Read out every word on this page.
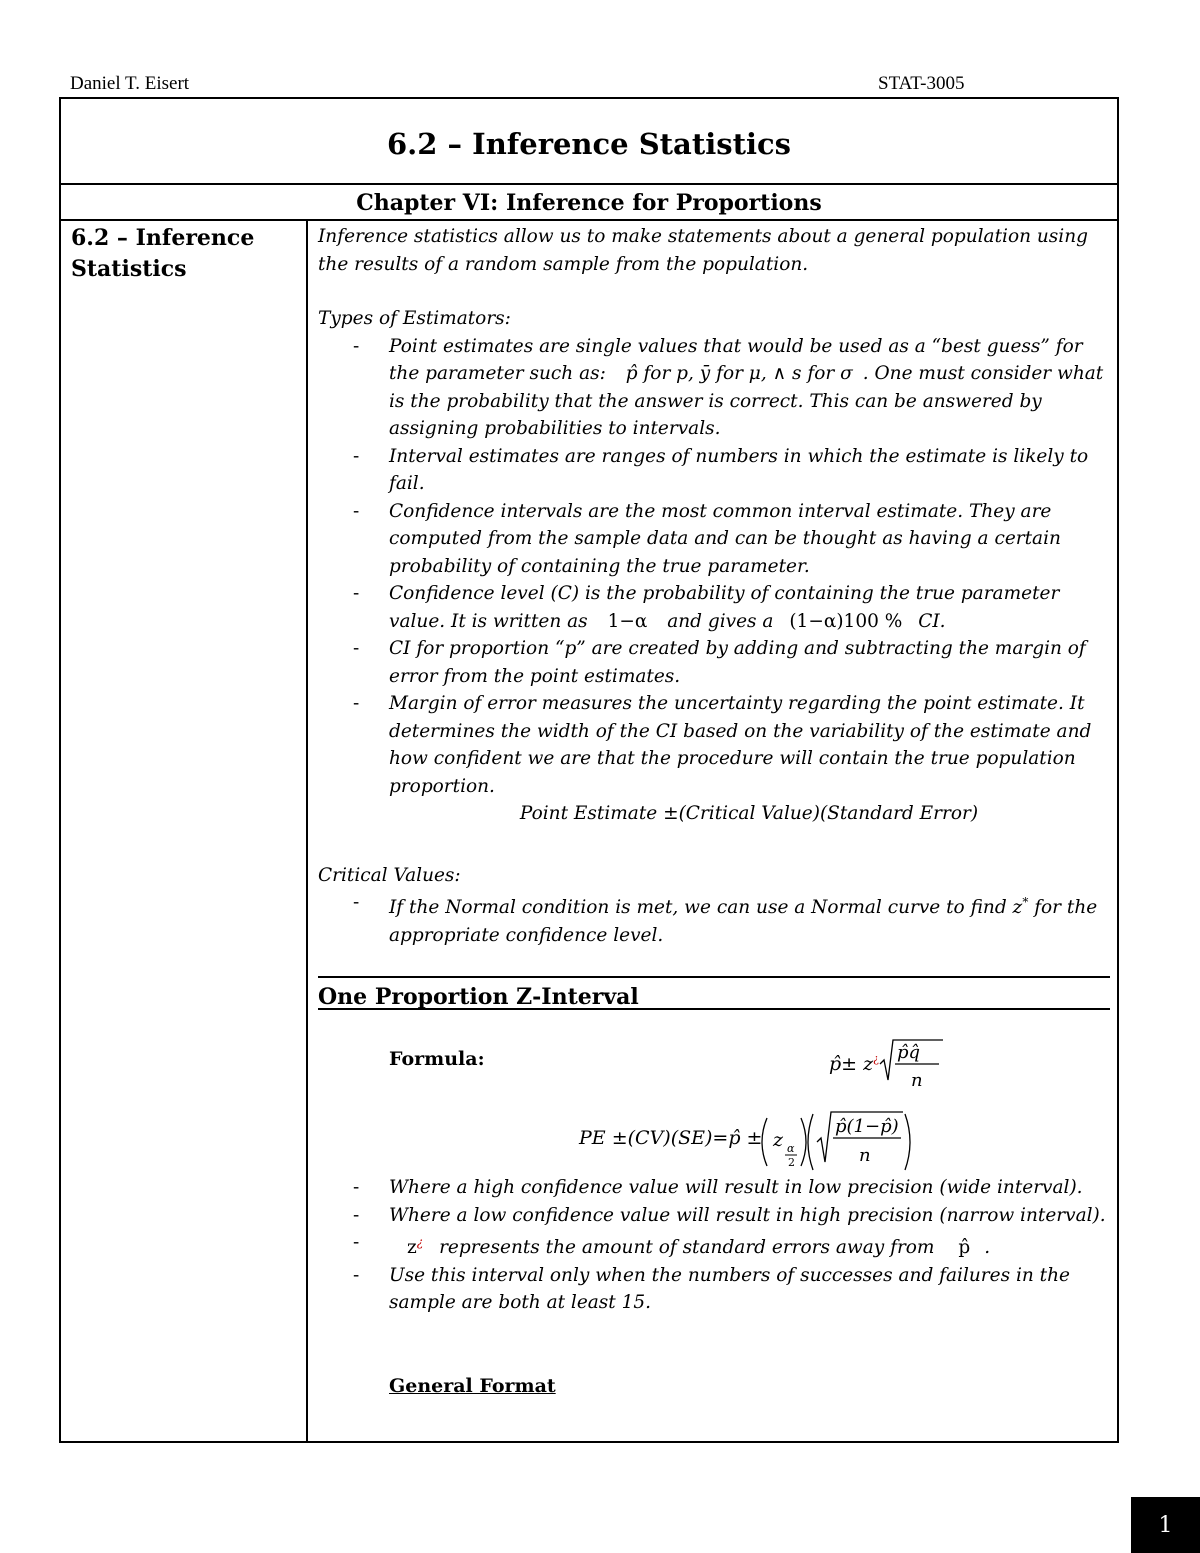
Daniel T. Eisert	STAT-3005
6.2 – Inference Statistics
Chapter VI: Inference for Proportions
6.2 – Inference Statistics

Inference statistics allow us to make statements about a general population using the results of a random sample from the population.

Types of Estimators:

- Point estimates are single values that would be used as a “best guess” for the parameter such as: p̂ for p, ȳ for μ, ∧ s for σ . One must consider what is the probability that the answer is correct. This can be answered by assigning probabilities to intervals.
- Interval estimates are ranges of numbers in which the estimate is likely to fail.
- Confidence intervals are the most common interval estimate. They are computed from the sample data and can be thought as having a certain probability of containing the true parameter.
- Confidence level (C) is the probability of containing the true parameter value. It is written as 1−α and gives a (1−α)100 % CI.
- CI for proportion “p” are created by adding and subtracting the margin of error from the point estimates.
- Margin of error measures the uncertainty regarding the point estimate. It determines the width of the CI based on the variability of the estimate and how confident we are that the procedure will contain the true population proportion.

Point Estimate ±(Critical Value)(Standard Error)

Critical Values:

- If the Normal condition is met, we can use a Normal curve to find z* for the appropriate confidence level.
One Proportion Z-Interval
Formula:	p̂± z ¿ p̂q̂
n
PE ±(CV)(SE)=p̂ ± z α
2
p̂(1−p̂)
n
- Where a high confidence value will result in low precision (wide interval).
- Where a low confidence value will result in high precision (narrow interval).
- z¿ represents the amount of standard errors away from p̂ .
- Use this interval only when the numbers of successes and failures in the sample are both at least 15.
General Format
1
